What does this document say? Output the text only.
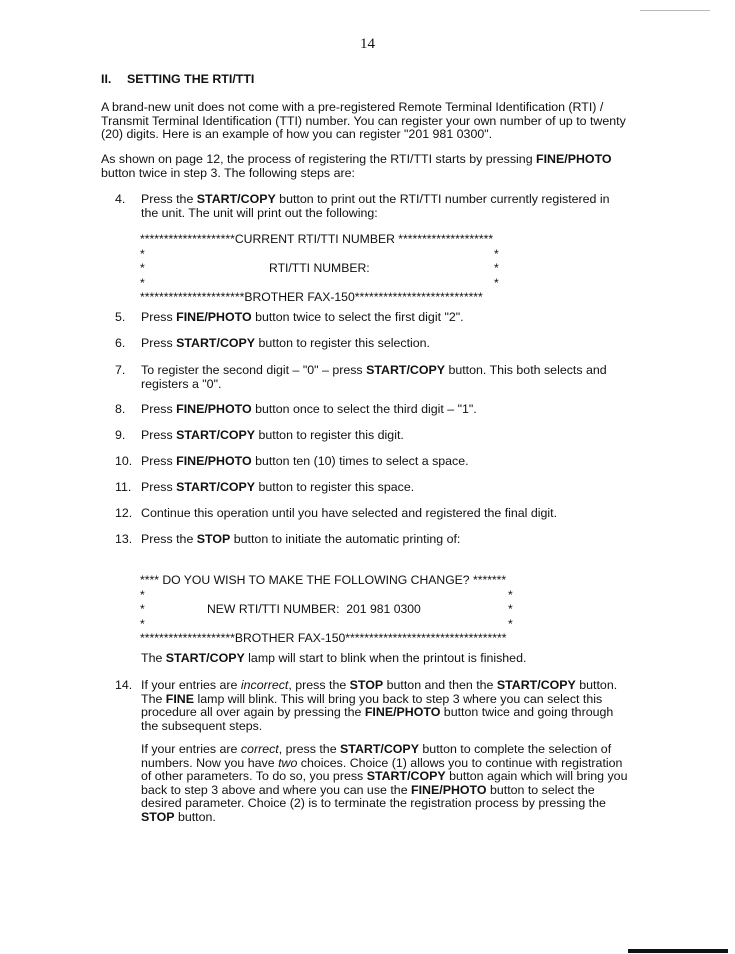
14
II. SETTING THE RTI/TTI

A brand-new unit does not come with a pre-registered Remote Terminal Identification (RTI) / Transmit Terminal Identification (TTI) number. You can register your own number of up to twenty (20) digits. Here is an example of how you can register "201 981 0300".

As shown on page 12, the process of registering the RTI/TTI starts by pressing FINE/PHOTO button twice in step 3. The following steps are:

4.	Press the START/COPY button to print out the RTI/TTI number currently registered in the unit. The unit will print out the following:
********************CURRENT RTI/TTI NUMBER ********************
*	*
*	RTI/TTI NUMBER:	*
*	*
**********************BROTHER FAX-150***************************
5.	Press FINE/PHOTO button twice to select the first digit "2".
6.	Press START/COPY button to register this selection.
7.	To register the second digit – "0" – press START/COPY button. This both selects and registers a "0".
8.	Press FINE/PHOTO button once to select the third digit – "1".
9.	Press START/COPY button to register this digit.
10. Press FINE/PHOTO button ten (10) times to select a space.
11. Press START/COPY button to register this space.
12. Continue this operation until you have selected and registered the final digit.
13. Press the STOP button to initiate the automatic printing of:
**** DO YOU WISH TO MAKE THE FOLLOWING CHANGE? *******
*	*
*	NEW RTI/TTI NUMBER:  201 981 0300	*
*	*
********************BROTHER FAX-150**********************************

The START/COPY lamp will start to blink when the printout is finished.

14. If your entries are incorrect, press the STOP button and then the START/COPY button. The FINE lamp will blink. This will bring you back to step 3 where you can select this procedure all over again by pressing the FINE/PHOTO button twice and going through the subsequent steps.

If your entries are correct, press the START/COPY button to complete the selection of numbers. Now you have two choices. Choice (1) allows you to continue with registration of other parameters. To do so, you press START/COPY button again which will bring you back to step 3 above and where you can use the FINE/PHOTO button to select the desired parameter. Choice (2) is to terminate the registration process by pressing the STOP button.
